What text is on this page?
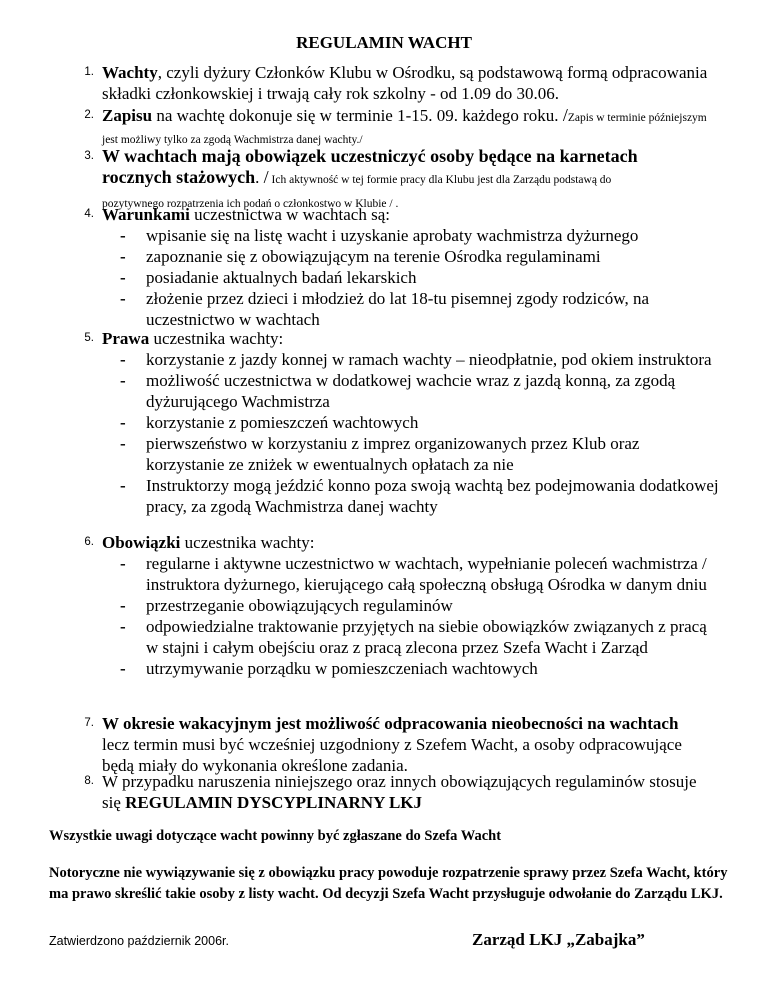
REGULAMIN WACHT
1. Wachty, czyli dyżury Członków Klubu w Ośrodku, są podstawową formą odpracowania składki członkowskiej i trwają cały rok szkolny - od 1.09 do 30.06.
2. Zapisu na wachtę dokonuje się w terminie 1-15. 09. każdego roku. /Zapis w terminie późniejszym jest możliwy tylko za zgodą Wachmistrza danej wachty./
3. W wachtach mają obowiązek uczestniczyć osoby będące na karnetach rocznych stażowych. / Ich aktywność w tej formie pracy dla Klubu jest dla Zarządu podstawą do pozytywnego rozpatrzenia ich podań o członkostwo w Klubie / .
4. Warunkami uczestnictwa w wachtach są:
- wpisanie się na listę wacht i uzyskanie aprobaty wachmistrza dyżurnego
- zapoznanie się z obowiązującym na terenie Ośrodka regulaminami
- posiadanie aktualnych badań lekarskich
- złożenie przez dzieci i młodzież do lat 18-tu pisemnej zgody rodziców, na uczestnictwo w wachtach
5. Prawa uczestnika wachty:
- korzystanie z jazdy konnej w ramach wachty – nieodpłatnie, pod okiem instruktora
- możliwość uczestnictwa w dodatkowej wachcie wraz z jazdą konną, za zgodą dyżurującego Wachmistrza
- korzystanie z pomieszczeń wachtowych
- pierwszeństwo w korzystaniu z imprez organizowanych przez Klub oraz korzystanie ze zniżek w ewentualnych opłatach za nie
- Instruktorzy mogą jeździć konno poza swoją wachtą bez podejmowania dodatkowej pracy, za zgodą Wachmistrza danej wachty
6. Obowiązki uczestnika wachty:
- regularne i aktywne uczestnictwo w wachtach, wypełnianie poleceń wachmistrza / instruktora dyżurnego, kierującego całą społeczną obsługą Ośrodka w danym dniu
- przestrzeganie obowiązujących regulaminów
- odpowiedzialne traktowanie przyjętych na siebie obowiązków związanych z pracą w stajni i całym obejściu oraz z pracą zlecona przez Szefa Wacht i Zarząd
- utrzymywanie porządku w pomieszczeniach wachtowych
7. W okresie wakacyjnym jest możliwość odpracowania nieobecności na wachtach lecz termin musi być wcześniej uzgodniony z Szefem Wacht, a osoby odpracowujące będą miały do wykonania określone zadania.
8. W przypadku naruszenia niniejszego oraz innych obowiązujących regulaminów stosuje się REGULAMIN DYSCYPLINARNY LKJ
Wszystkie uwagi dotyczące wacht powinny być zgłaszane do Szefa Wacht
Notoryczne nie wywiązywanie się z obowiązku pracy powoduje rozpatrzenie sprawy przez Szefa Wacht, który ma prawo skreślić takie osoby z listy wacht. Od decyzji Szefa Wacht przysługuje odwołanie do Zarządu LKJ.
Zatwierdzono październik 2006r.	Zarząd LKJ „Zabajka”
